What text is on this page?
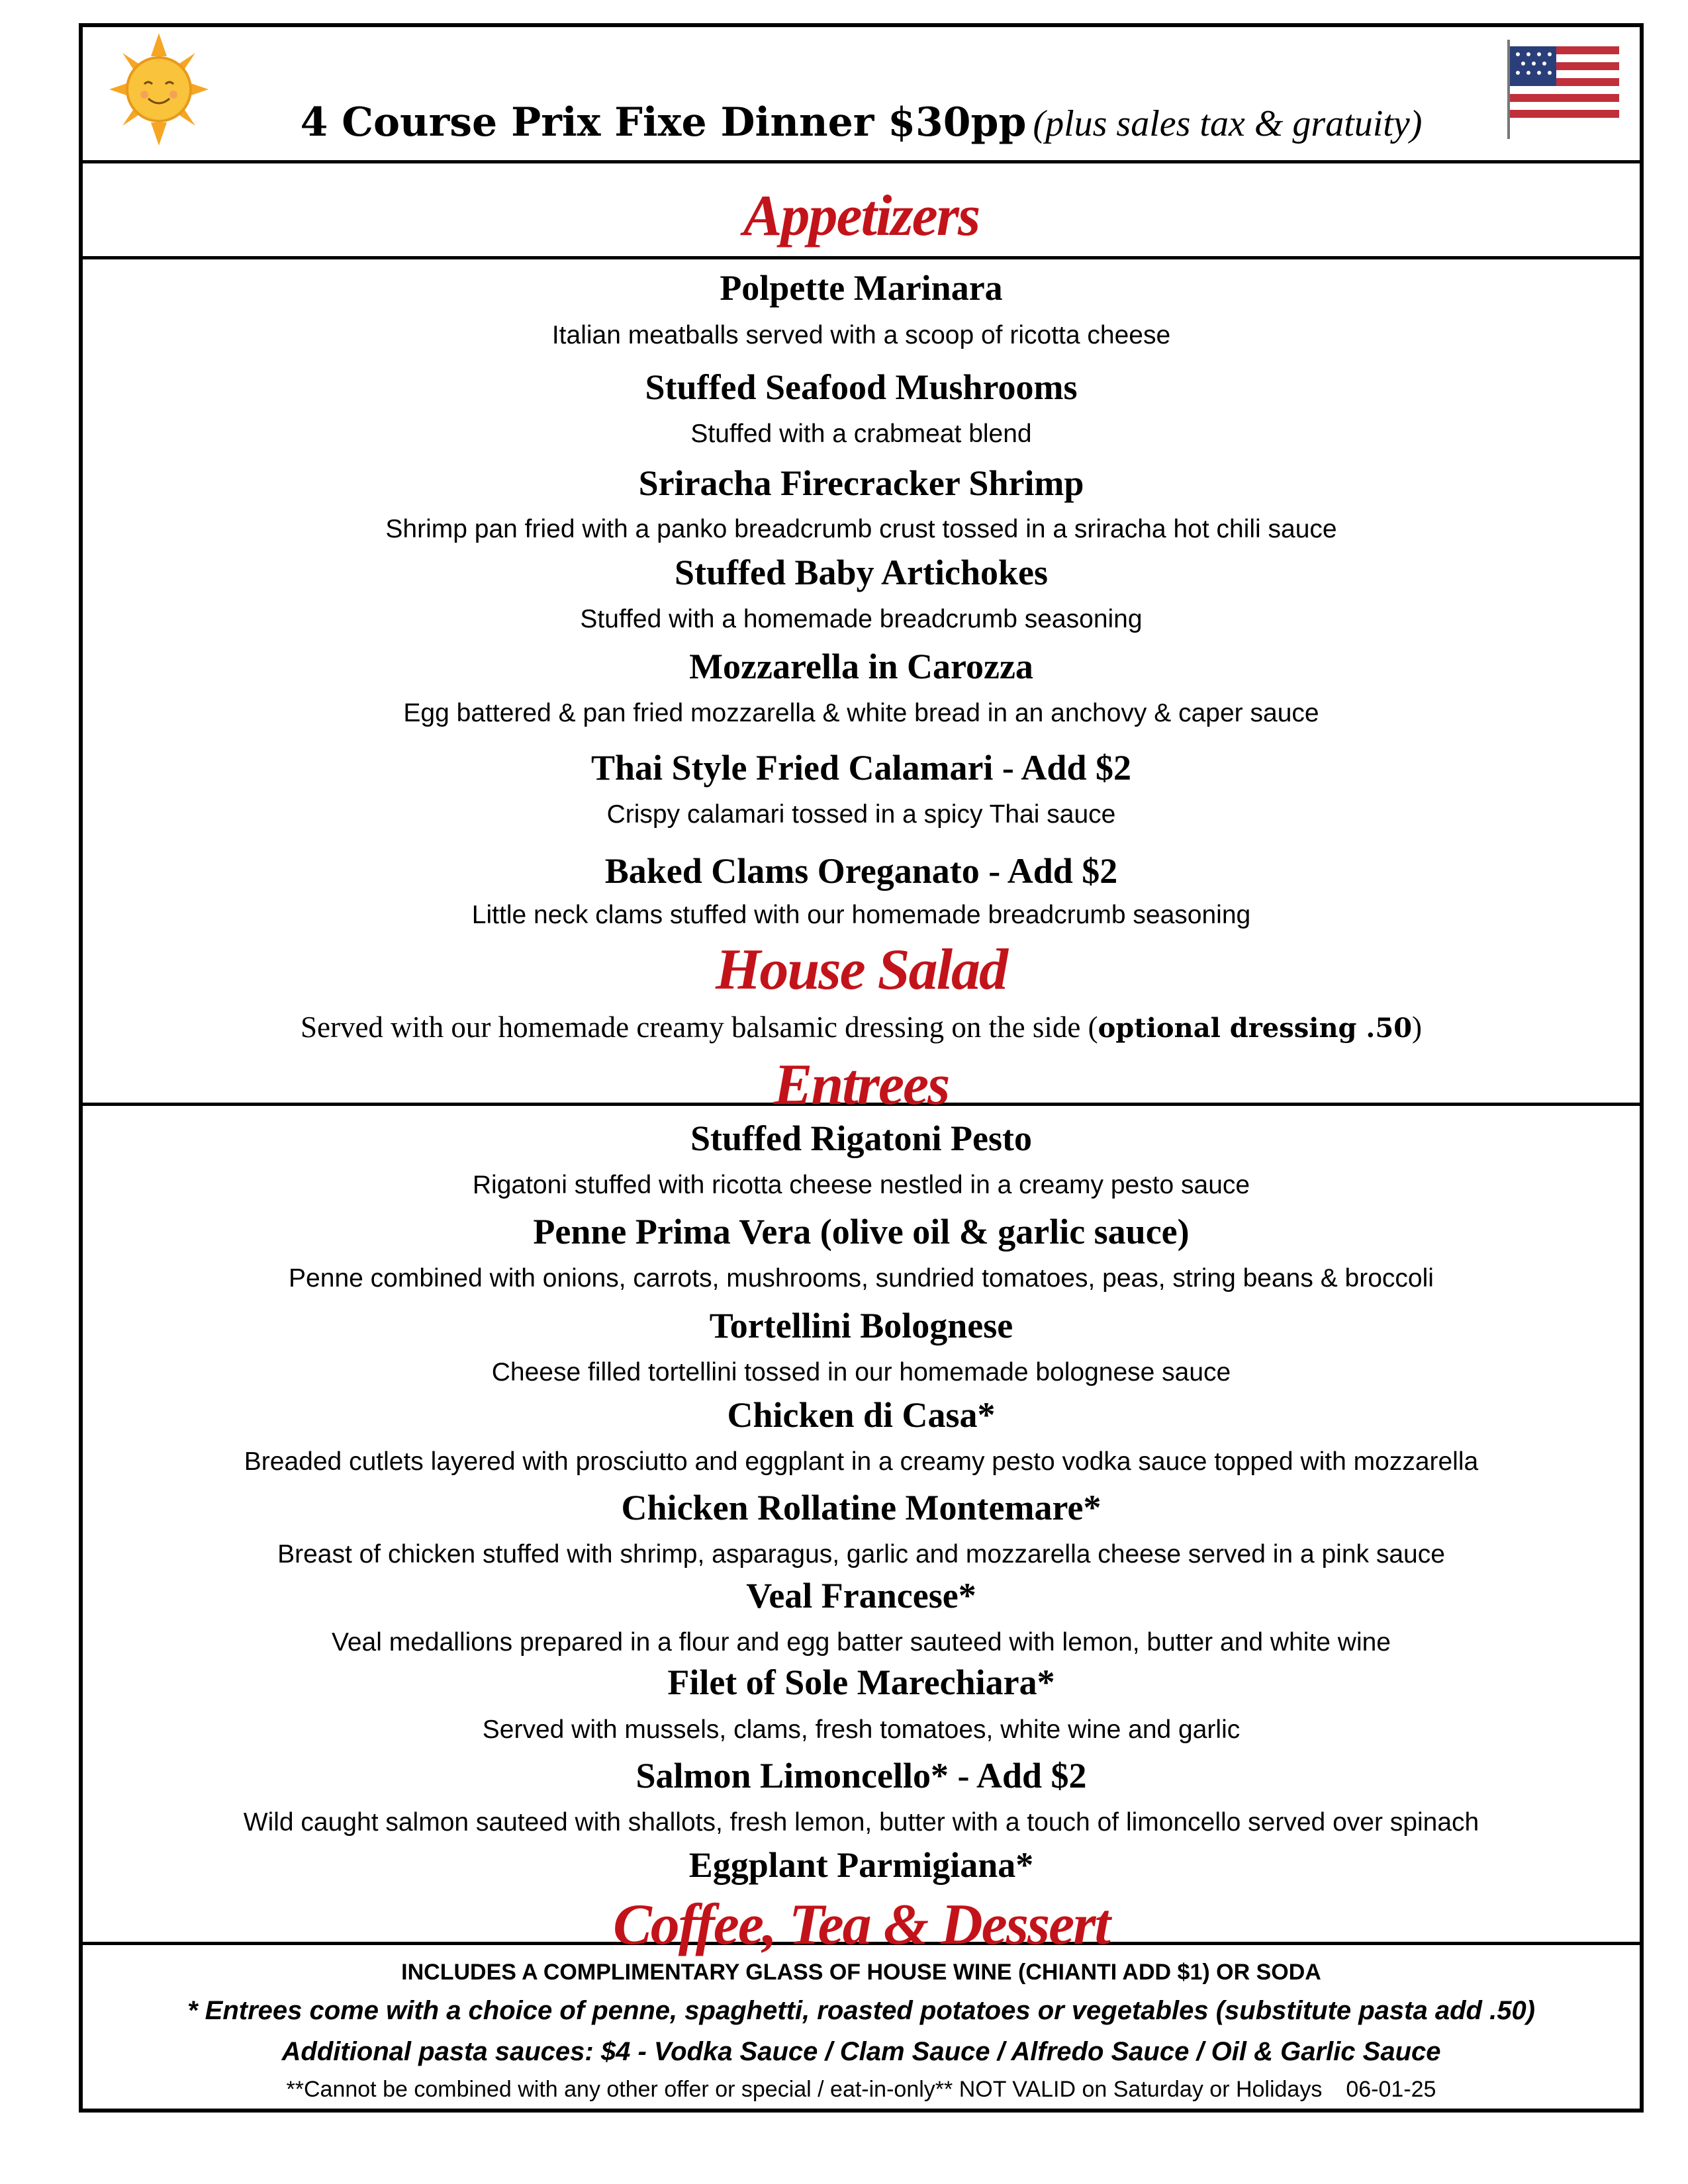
4 Course Prix Fixe Dinner $30pp (plus sales tax & gratuity)
Appetizers
Polpette Marinara
Italian meatballs served with a scoop of ricotta cheese
Stuffed Seafood Mushrooms
Stuffed with a crabmeat blend
Sriracha Firecracker Shrimp
Shrimp pan fried with a panko breadcrumb crust tossed in a sriracha hot chili sauce
Stuffed Baby Artichokes
Stuffed with a homemade breadcrumb seasoning
Mozzarella in Carozza
Egg battered & pan fried mozzarella & white bread in an anchovy & caper sauce
Thai Style Fried Calamari - Add $2
Crispy calamari tossed in a spicy Thai sauce
Baked Clams Oreganato - Add $2
Little neck clams stuffed with our homemade breadcrumb seasoning
House Salad
Served with our homemade creamy balsamic dressing on the side (optional dressing .50)
Entrees
Stuffed Rigatoni Pesto
Rigatoni stuffed with ricotta cheese nestled in a creamy pesto sauce
Penne Prima Vera (olive oil & garlic sauce)
Penne combined with onions, carrots, mushrooms, sundried tomatoes, peas, string beans & broccoli
Tortellini Bolognese
Cheese filled tortellini tossed in our homemade bolognese sauce
Chicken di Casa*
Breaded cutlets layered with prosciutto and eggplant in a creamy pesto vodka sauce topped with mozzarella
Chicken Rollatine Montemare*
Breast of chicken stuffed with shrimp, asparagus, garlic and mozzarella cheese served in a pink sauce
Veal Francese*
Veal medallions prepared in a flour and egg batter sauteed with lemon, butter and white wine
Filet of Sole Marechiara*
Served with mussels, clams, fresh tomatoes, white wine and garlic
Salmon Limoncello* - Add $2
Wild caught salmon sauteed with shallots, fresh lemon, butter with a touch of limoncello served over spinach
Eggplant Parmigiana*
Coffee, Tea & Dessert
INCLUDES A COMPLIMENTARY GLASS OF HOUSE WINE (CHIANTI ADD $1) OR SODA
* Entrees come with a choice of penne, spaghetti, roasted potatoes or vegetables (substitute pasta add .50)
Additional pasta sauces: $4 - Vodka Sauce / Clam Sauce / Alfredo Sauce / Oil & Garlic Sauce
**Cannot be combined with any other offer or special / eat-in-only** NOT VALID on Saturday or Holidays 06-01-25
